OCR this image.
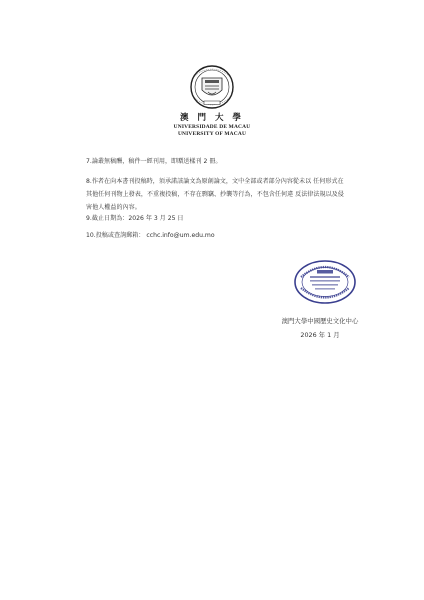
澳 門 大 學
UNIVERSIDADE DE MACAU
UNIVERSITY OF MACAU
7.論叢無稿酬，稿件一經刊用，即贈送樣刊 2 冊。
8.作者在向本書刊投稿時，須承諾該論文為原創論文，文中全部或者部分內容從未以 任何形式在其他任何刊物上發表，不重複投稿，不存在剽竊、抄襲等行為，不包含任何違 反法律法規以及侵害他人權益的內容。
9.截止日期為：2026 年 3 月 25 日
10.投稿或查詢郵箱： cchc.info@um.edu.mo
澳門大學中國歷史文化中心
2026 年 1 月
